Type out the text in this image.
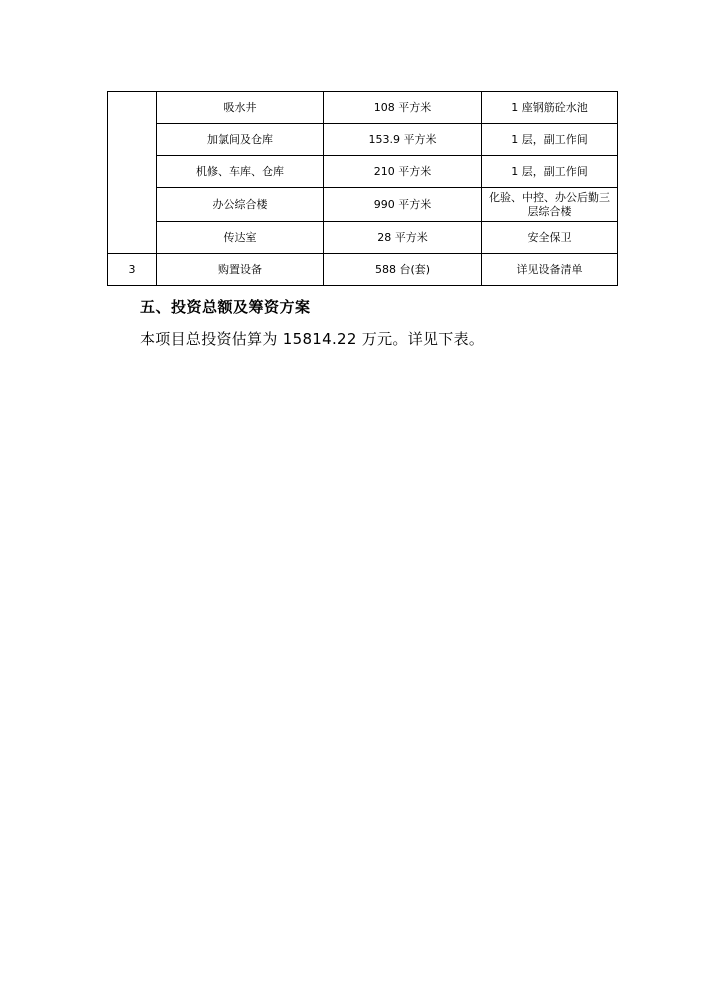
	吸水井	108 平方米	1 座钢筋砼水池
	加氯间及仓库	153.9 平方米	1 层，副工作间
	机修、车库、仓库	210 平方米	1 层，副工作间
	办公综合楼	990 平方米	化验、中控、办公后勤三层综合楼
	传达室	28 平方米	安全保卫
3	购置设备	588 台(套)	详见设备清单
五、投资总额及筹资方案
本项目总投资估算为 15814.22 万元。详见下表。
